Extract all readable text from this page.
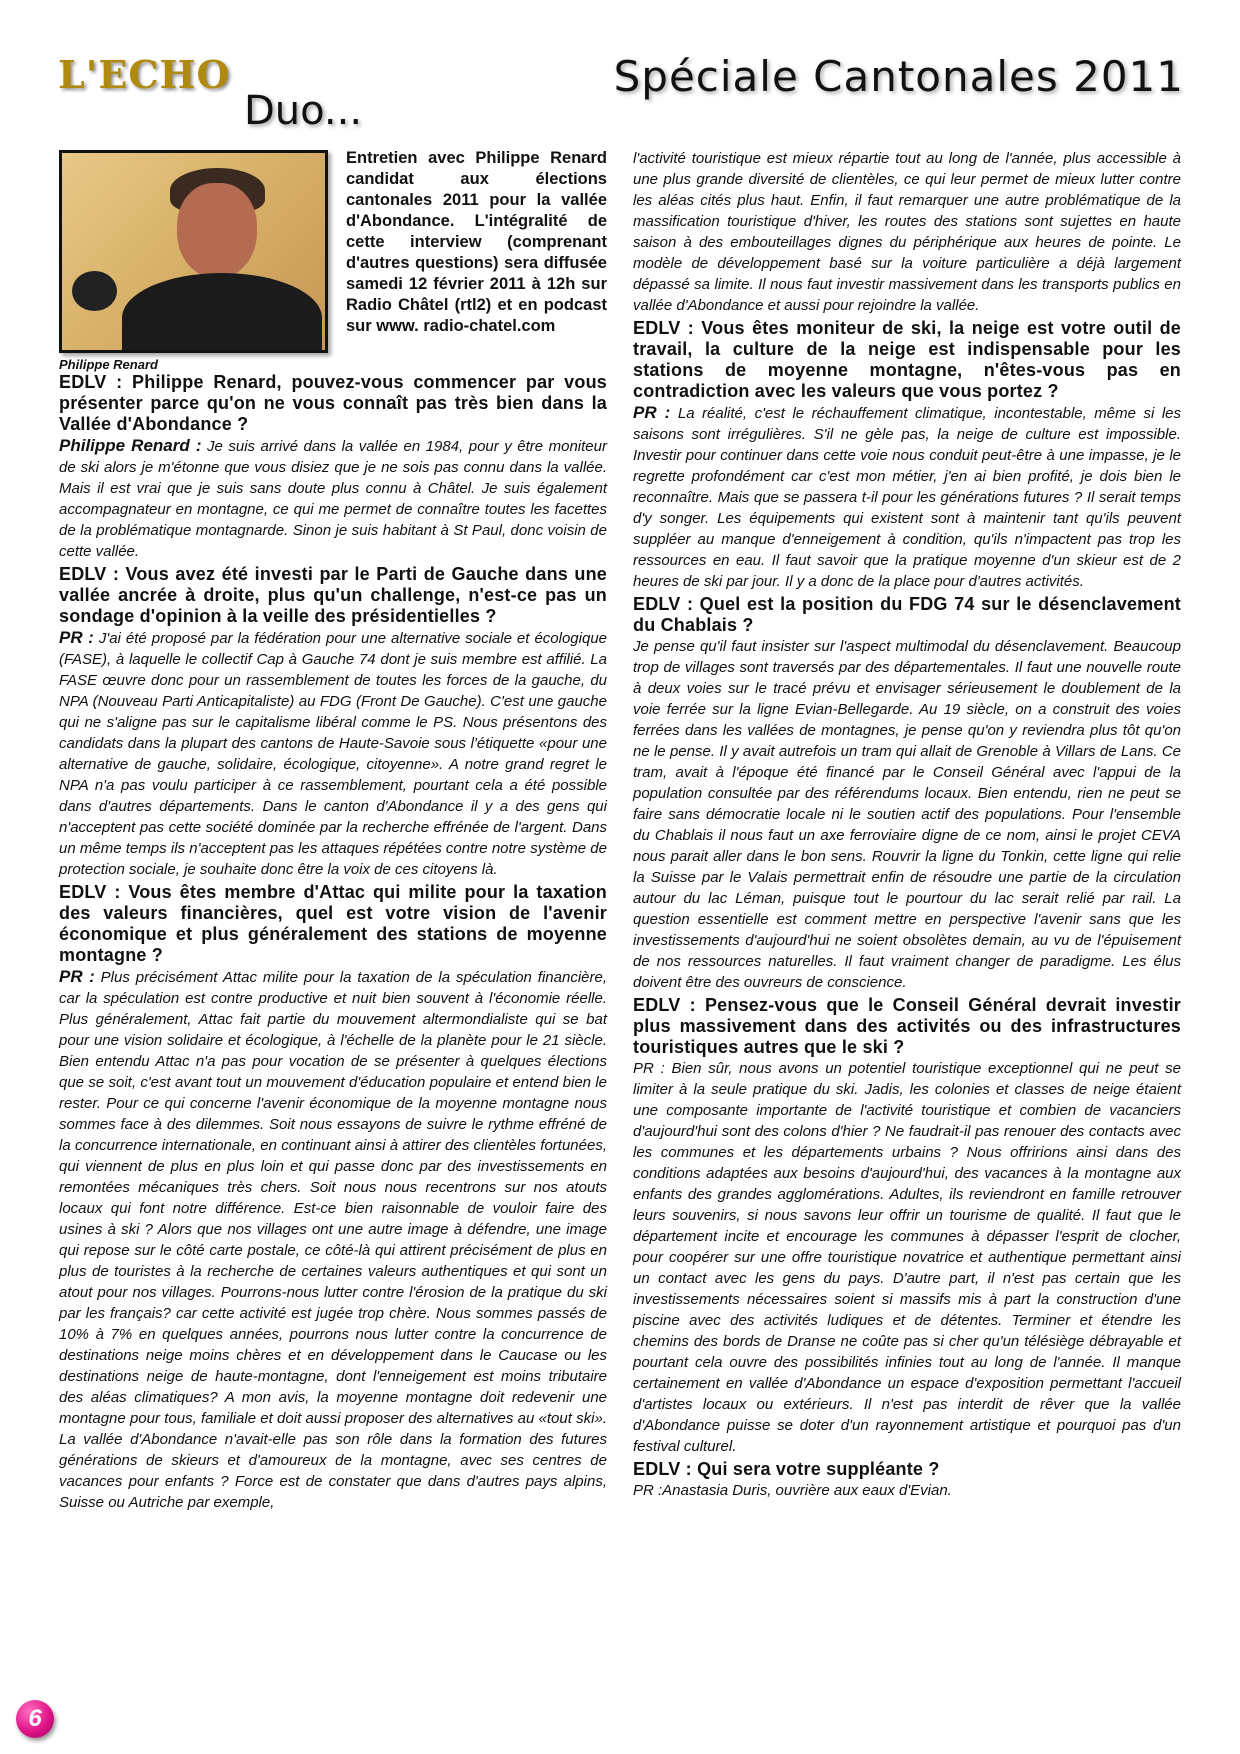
L'ECHO
Duo...
Spéciale Cantonales 2011
Entretien avec Philippe Renard candidat aux élections cantonales 2011 pour la vallée d'Abondance. L'intégralité de cette interview (comprenant d'autres questions) sera diffusée samedi 12 février 2011 à 12h sur Radio Châtel (rtl2) et en podcast sur www. radio-chatel.com
Philippe Renard

EDLV : Philippe Renard, pouvez-vous commencer par vous présenter parce qu'on ne vous connaît pas très bien dans la Vallée d'Abondance ?

Philippe Renard : Je suis arrivé dans la vallée en 1984, pour y être moniteur de ski alors je m'étonne que vous disiez que je ne sois pas connu dans la vallée. Mais il est vrai que je suis sans doute plus connu à Châtel. Je suis également accompagnateur en montagne, ce qui me permet de connaître toutes les facettes de la problématique montagnarde. Sinon je suis habitant à St Paul, donc voisin de cette vallée.

EDLV : Vous avez été investi par le Parti de Gauche dans une vallée ancrée à droite, plus qu'un challenge, n'est-ce pas un sondage d'opinion à la veille des présidentielles ?

PR : J'ai été proposé par la fédération pour une alternative sociale et écologique (FASE), à laquelle le collectif Cap à Gauche 74 dont je suis membre est affilié. La FASE œuvre donc pour un rassemblement de toutes les forces de la gauche, du NPA (Nouveau Parti Anticapitaliste) au FDG (Front De Gauche). C'est une gauche qui ne s'aligne pas sur le capitalisme libéral comme le PS. Nous présentons des candidats dans la plupart des cantons de Haute-Savoie sous l'étiquette «pour une alternative de gauche, solidaire, écologique, citoyenne». A notre grand regret le NPA n'a pas voulu participer à ce rassemblement, pourtant cela a été possible dans d'autres départements. Dans le canton d'Abondance il y a des gens qui n'acceptent pas cette société dominée par la recherche effrénée de l'argent. Dans un même temps ils n'acceptent pas les attaques répétées contre notre système de protection sociale, je souhaite donc être la voix de ces citoyens là.

EDLV : Vous êtes membre d'Attac qui milite pour la taxation des valeurs financières, quel est votre vision de l'avenir économique et plus généralement des stations de moyenne montagne ?

PR : Plus précisément Attac milite pour la taxation de la spéculation financière, car la spéculation est contre productive et nuit bien souvent à l'économie réelle. Plus généralement, Attac fait partie du mouvement altermondialiste qui se bat pour une vision solidaire et écologique, à l'échelle de la planète pour le 21 siècle. Bien entendu Attac n'a pas pour vocation de se présenter à quelques élections que se soit, c'est avant tout un mouvement d'éducation populaire et entend bien le rester. Pour ce qui concerne l'avenir économique de la moyenne montagne nous sommes face à des dilemmes. Soit nous essayons de suivre le rythme effréné de la concurrence internationale, en continuant ainsi à attirer des clientèles fortunées, qui viennent de plus en plus loin et qui passe donc par des investissements en remontées mécaniques très chers. Soit nous nous recentrons sur nos atouts locaux qui font notre différence. Est-ce bien raisonnable de vouloir faire des usines à ski ? Alors que nos villages ont une autre image à défendre, une image qui repose sur le côté carte postale, ce côté-là qui attirent précisément de plus en plus de touristes à la recherche de certaines valeurs authentiques et qui sont un atout pour nos villages. Pourrons-nous lutter contre l'érosion de la pratique du ski par les français? car cette activité est jugée trop chère. Nous sommes passés de 10% à 7% en quelques années, pourrons nous lutter contre la concurrence de destinations neige moins chères et en développement dans le Caucase ou les destinations neige de haute-montagne, dont l'enneigement est moins tributaire des aléas climatiques? A mon avis, la moyenne montagne doit redevenir une montagne pour tous, familiale et doit aussi proposer des alternatives au «tout ski». La vallée d'Abondance n'avait-elle pas son rôle dans la formation des futures générations de skieurs et d'amoureux de la montagne, avec ses centres de vacances pour enfants ? Force est de constater que dans d'autres pays alpins, Suisse ou Autriche par exemple,

l'activité touristique est mieux répartie tout au long de l'année, plus accessible à une plus grande diversité de clientèles, ce qui leur permet de mieux lutter contre les aléas cités plus haut. Enfin, il faut remarquer une autre problématique de la massification touristique d'hiver, les routes des stations sont sujettes en haute saison à des embouteillages dignes du périphérique aux heures de pointe. Le modèle de développement basé sur la voiture particulière a déjà largement dépassé sa limite. Il nous faut investir massivement dans les transports publics en vallée d'Abondance et aussi pour rejoindre la vallée.

EDLV : Vous êtes moniteur de ski, la neige est votre outil de travail, la culture de la neige est indispensable pour les stations de moyenne montagne, n'êtes-vous pas en contradiction avec les valeurs que vous portez ?

PR : La réalité, c'est le réchauffement climatique, incontestable, même si les saisons sont irrégulières. S'il ne gèle pas, la neige de culture est impossible. Investir pour continuer dans cette voie nous conduit peut-être à une impasse, je le regrette profondément car c'est mon métier, j'en ai bien profité, je dois bien le reconnaître. Mais que se passera t-il pour les générations futures ? Il serait temps d'y songer. Les équipements qui existent sont à maintenir tant qu'ils peuvent suppléer au manque d'enneigement à condition, qu'ils n'impactent pas trop les ressources en eau. Il faut savoir que la pratique moyenne d'un skieur est de 2 heures de ski par jour. Il y a donc de la place pour d'autres activités.

EDLV : Quel est la position du FDG 74 sur le désenclavement du Chablais ?

Je pense qu'il faut insister sur l'aspect multimodal du désenclavement. Beaucoup trop de villages sont traversés par des départementales. Il faut une nouvelle route à deux voies sur le tracé prévu et envisager sérieusement le doublement de la voie ferrée sur la ligne Evian-Bellegarde. Au 19 siècle, on a construit des voies ferrées dans les vallées de montagnes, je pense qu'on y reviendra plus tôt qu'on ne le pense. Il y avait autrefois un tram qui allait de Grenoble à Villars de Lans. Ce tram, avait à l'époque été financé par le Conseil Général avec l'appui de la population consultée par des référendums locaux. Bien entendu, rien ne peut se faire sans démocratie locale ni le soutien actif des populations. Pour l'ensemble du Chablais il nous faut un axe ferroviaire digne de ce nom, ainsi le projet CEVA nous parait aller dans le bon sens. Rouvrir la ligne du Tonkin, cette ligne qui relie la Suisse par le Valais permettrait enfin de résoudre une partie de la circulation autour du lac Léman, puisque tout le pourtour du lac serait relié par rail. La question essentielle est comment mettre en perspective l'avenir sans que les investissements d'aujourd'hui ne soient obsolètes demain, au vu de l'épuisement de nos ressources naturelles. Il faut vraiment changer de paradigme. Les élus doivent être des ouvreurs de conscience.

EDLV : Pensez-vous que le Conseil Général devrait investir plus massivement dans des activités ou des infrastructures touristiques autres que le ski ?

PR : Bien sûr, nous avons un potentiel touristique exceptionnel qui ne peut se limiter à la seule pratique du ski. Jadis, les colonies et classes de neige étaient une composante importante de l'activité touristique et combien de vacanciers d'aujourd'hui sont des colons d'hier ? Ne faudrait-il pas renouer des contacts avec les communes et les départements urbains ? Nous offririons ainsi dans des conditions adaptées aux besoins d'aujourd'hui, des vacances à la montagne aux enfants des grandes agglomérations. Adultes, ils reviendront en famille retrouver leurs souvenirs, si nous savons leur offrir un tourisme de qualité. Il faut que le département incite et encourage les communes à dépasser l'esprit de clocher, pour coopérer sur une offre touristique novatrice et authentique permettant ainsi un contact avec les gens du pays. D'autre part, il n'est pas certain que les investissements nécessaires soient si massifs mis à part la construction d'une piscine avec des activités ludiques et de détentes. Terminer et étendre les chemins des bords de Dranse ne coûte pas si cher qu'un télésiège débrayable et pourtant cela ouvre des possibilités infinies tout au long de l'année. Il manque certainement en vallée d'Abondance un espace d'exposition permettant l'accueil d'artistes locaux ou extérieurs. Il n'est pas interdit de rêver que la vallée d'Abondance puisse se doter d'un rayonnement artistique et pourquoi pas d'un festival culturel.

EDLV : Qui sera votre suppléante ?

PR :Anastasia Duris, ouvrière aux eaux d'Evian.

6
